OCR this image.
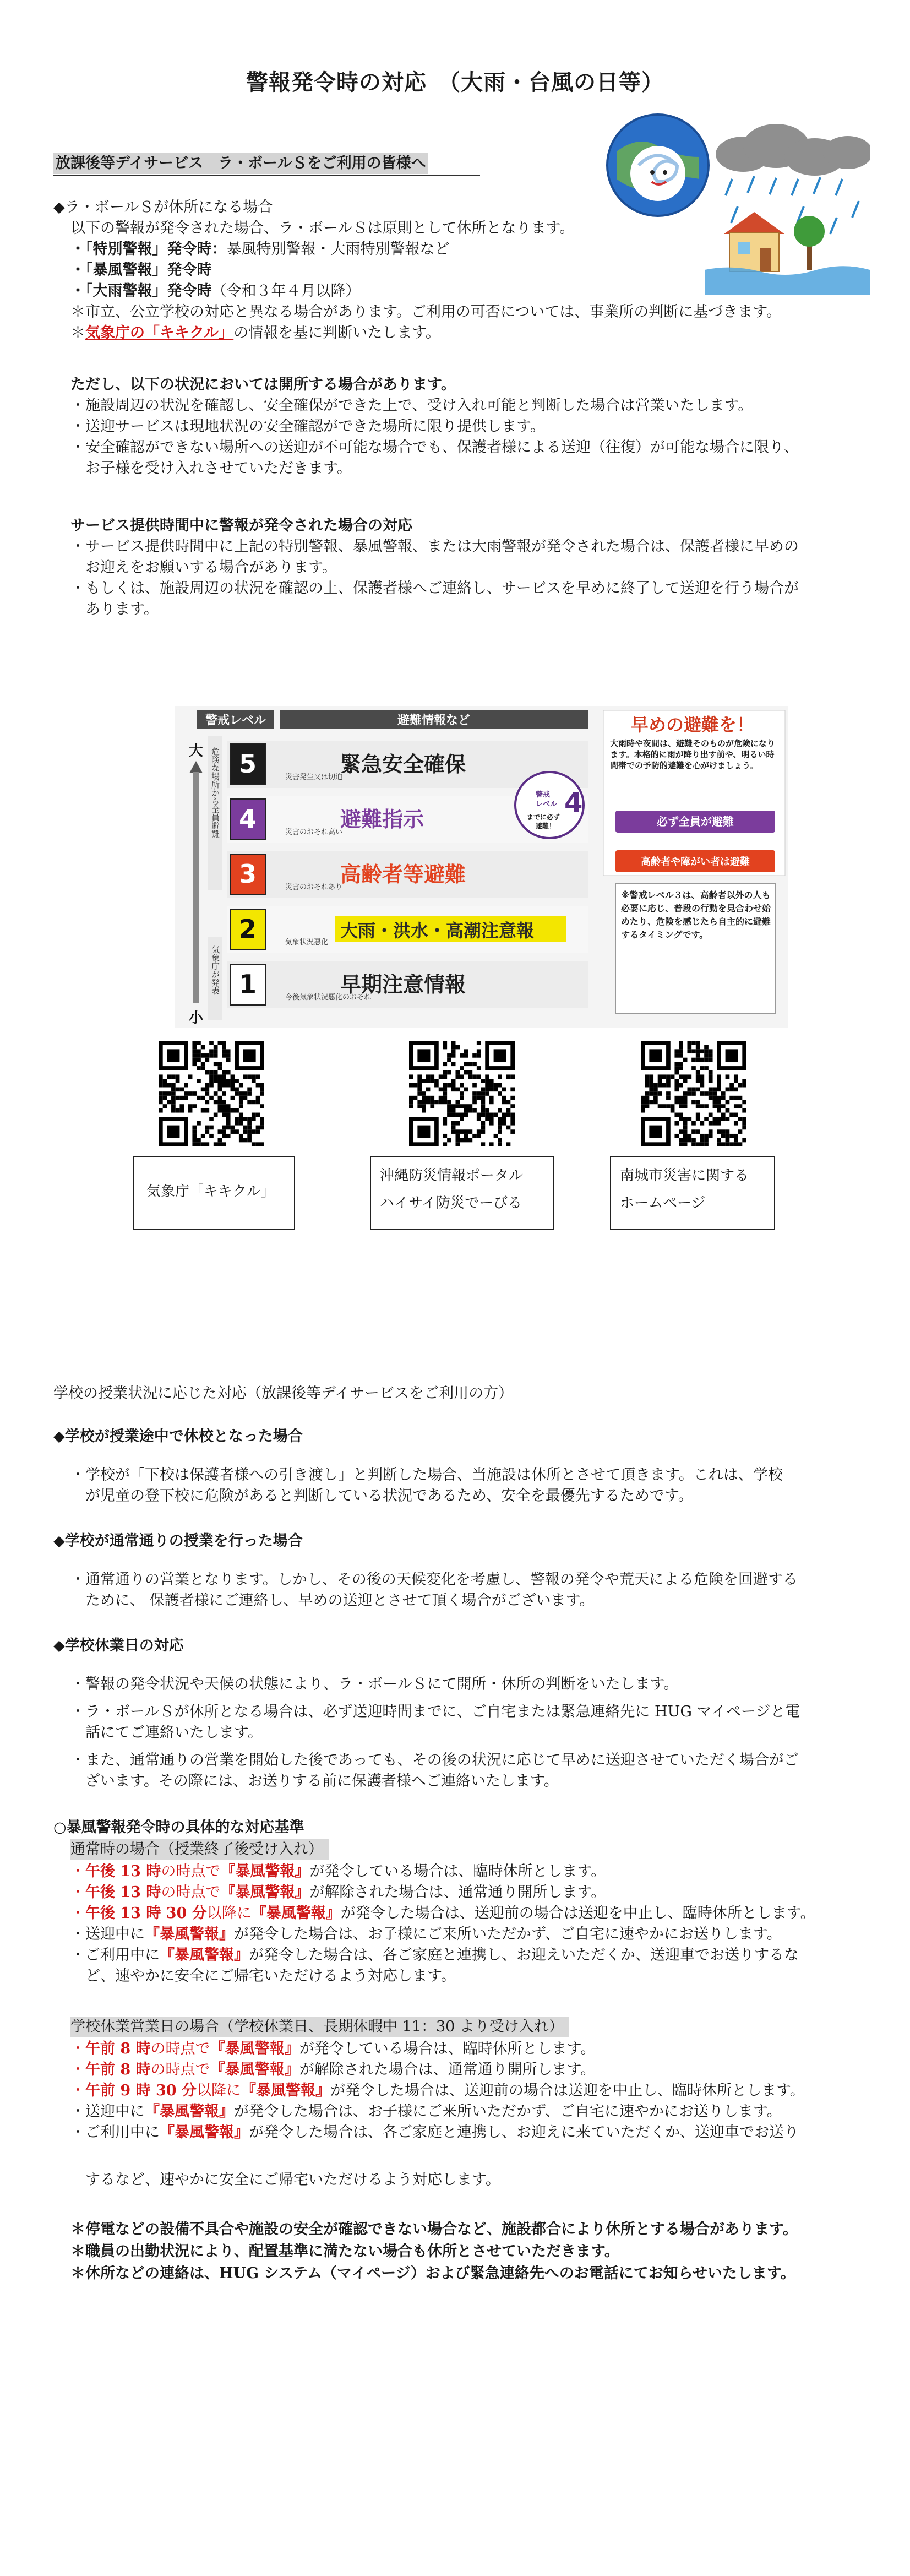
警報発令時の対応　（大雨・台風の日等）
放課後等デイサービス　ラ・ボールＳをご利用の皆様へ
◆ラ・ボールＳが休所になる場合
以下の警報が発令された場合、ラ・ボールＳは原則として休所となります。
・「特別警報」発令時：暴風特別警報・大雨特別警報など
・「暴風警報」発令時
・「大雨警報」発令時（令和３年４月以降）
＊市立、公立学校の対応と異なる場合があります。ご利用の可否については、事業所の判断に基づきます。
＊気象庁の「キキクル」の情報を基に判断いたします。
ただし、以下の状況においては開所する場合があります。
・施設周辺の状況を確認し、安全確保ができた上で、受け入れ可能と判断した場合は営業いたします。
・送迎サービスは現地状況の安全確認ができた場所に限り提供します。
・安全確認ができない場所への送迎が不可能な場合でも、保護者様による送迎（往復）が可能な場合に限り、
　お子様を受け入れさせていただきます。
サービス提供時間中に警報が発令された場合の対応
・サービス提供時間中に上記の特別警報、暴風警報、または大雨警報が発令された場合は、保護者様に早めの
　お迎えをお願いする場合があります。
・もしくは、施設周辺の状況を確認の上、保護者様へご連絡し、サービスを早めに終了して送迎を行う場合が
　あります。
警戒レベル	避難情報など
大
小
危険な場所から全員避難
気象庁が発表
5	災害発生又は切迫
緊急安全確保
4	災害のおそれ高い
避難指示
3	災害のおそれあり
高齢者等避難
2	気象状況悪化
大雨・洪水・高潮注意報
1	今後気象状況悪化のおそれ
早期注意情報
警戒
レベル 4
までに必ず
避難！
早めの避難を！
大雨時や夜間は、避難そのものが危険になります。本格的に雨が降り出す前や、明るい時間帯での予防的避難を心がけましょう。
必ず全員が避難
高齢者や障がい者は避難
※警戒レベル３は、高齢者以外の人も必要に応じ、普段の行動を見合わせ始めたり、危険を感じたら自主的に避難するタイミングです。
気象庁「キキクル」
沖縄防災情報ポータル
ハイサイ防災でーびる
南城市災害に関する
ホームページ
学校の授業状況に応じた対応（放課後等デイサービスをご利用の方）
◆学校が授業途中で休校となった場合
・学校が「下校は保護者様への引き渡し」と判断した場合、当施設は休所とさせて頂きます。これは、学校
　が児童の登下校に危険があると判断している状況であるため、安全を最優先するためです。
◆学校が通常通りの授業を行った場合
・通常通りの営業となります。しかし、その後の天候変化を考慮し、警報の発令や荒天による危険を回避する
　ために、 保護者様にご連絡し、早めの送迎とさせて頂く場合がございます。
◆学校休業日の対応
・警報の発令状況や天候の状態により、ラ・ボールＳにて開所・休所の判断をいたします。
・ラ・ボールＳが休所となる場合は、必ず送迎時間までに、ご自宅または緊急連絡先に HUG マイページと電
　話にてご連絡いたします。
・また、通常通りの営業を開始した後であっても、その後の状況に応じて早めに送迎させていただく場合がご
　ざいます。その際には、お送りする前に保護者様へご連絡いたします。
○暴風警報発令時の具体的な対応基準
通常時の場合（授業終了後受け入れ）
・午後 13 時の時点で『暴風警報』が発令している場合は、臨時休所とします。
・午後 13 時の時点で『暴風警報』が解除された場合は、通常通り開所します。
・午後 13 時 30 分以降に『暴風警報』が発令した場合は、送迎前の場合は送迎を中止し、臨時休所とします。
・送迎中に『暴風警報』が発令した場合は、お子様にご来所いただかず、ご自宅に速やかにお送りします。
・ご利用中に『暴風警報』が発令した場合は、各ご家庭と連携し、お迎えいただくか、送迎車でお送りするな
　ど、速やかに安全にご帰宅いただけるよう対応します。
学校休業営業日の場合（学校休業日、長期休暇中 11：30 より受け入れ）
・午前 8 時の時点で『暴風警報』が発令している場合は、臨時休所とします。
・午前 8 時の時点で『暴風警報』が解除された場合は、通常通り開所します。
・午前 9 時 30 分以降に『暴風警報』が発令した場合は、送迎前の場合は送迎を中止し、臨時休所とします。
・送迎中に『暴風警報』が発令した場合は、お子様にご来所いただかず、ご自宅に速やかにお送りします。
・ご利用中に『暴風警報』が発令した場合は、各ご家庭と連携し、お迎えに来ていただくか、送迎車でお送り
　するなど、速やかに安全にご帰宅いただけるよう対応します。
＊停電などの設備不具合や施設の安全が確認できない場合など、施設都合により休所とする場合があります。
＊職員の出勤状況により、配置基準に満たない場合も休所とさせていただきます。
＊休所などの連絡は、HUG システム（マイページ）および緊急連絡先へのお電話にてお知らせいたします。
